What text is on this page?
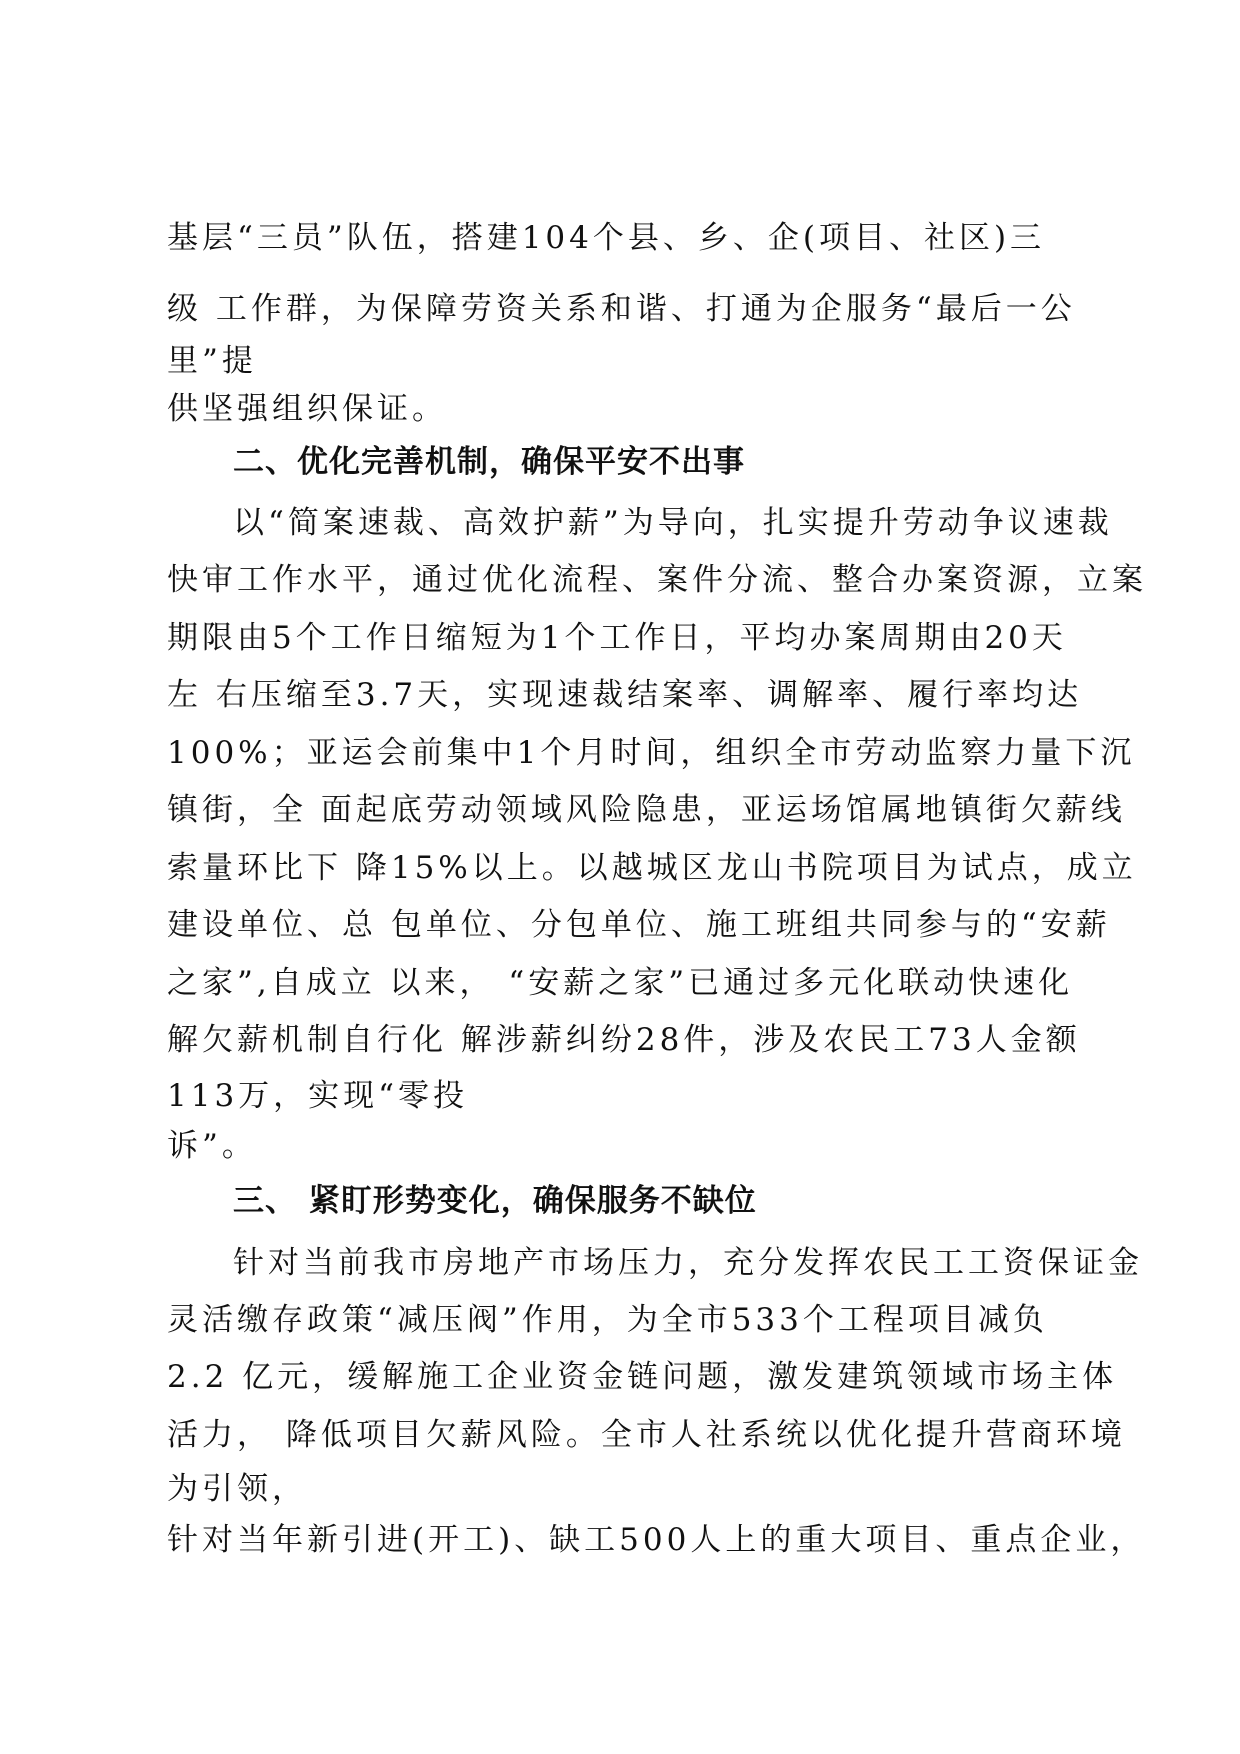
基层“三员”队伍，搭建104个县、乡、企(项目、社区)三
级 工作群，为保障劳资关系和谐、打通为企服务“最后一公
里”提
供坚强组织保证。
二、优化完善机制，确保平安不出事
以“简案速裁、高效护薪”为导向，扎实提升劳动争议速裁
快审工作水平，通过优化流程、案件分流、整合办案资源，立案
期限由5个工作日缩短为1个工作日，平均办案周期由20天
左 右压缩至3.7天，实现速裁结案率、调解率、履行率均达
100%；亚运会前集中1个月时间，组织全市劳动监察力量下沉
镇街，全 面起底劳动领域风险隐患，亚运场馆属地镇街欠薪线
索量环比下 降15%以上。以越城区龙山书院项目为试点，成立
建设单位、总 包单位、分包单位、施工班组共同参与的“安薪
之家”,自成立 以来， “安薪之家”已通过多元化联动快速化
解欠薪机制自行化 解涉薪纠纷28件，涉及农民工73人金额
113万，实现“零投
诉”。
三、 紧盯形势变化，确保服务不缺位
针对当前我市房地产市场压力，充分发挥农民工工资保证金
灵活缴存政策“减压阀”作用，为全市533个工程项目减负
2.2 亿元，缓解施工企业资金链问题，激发建筑领域市场主体
活力， 降低项目欠薪风险。全市人社系统以优化提升营商环境
为引领，
针对当年新引进(开工)、缺工500人上的重大项目、重点企业，
